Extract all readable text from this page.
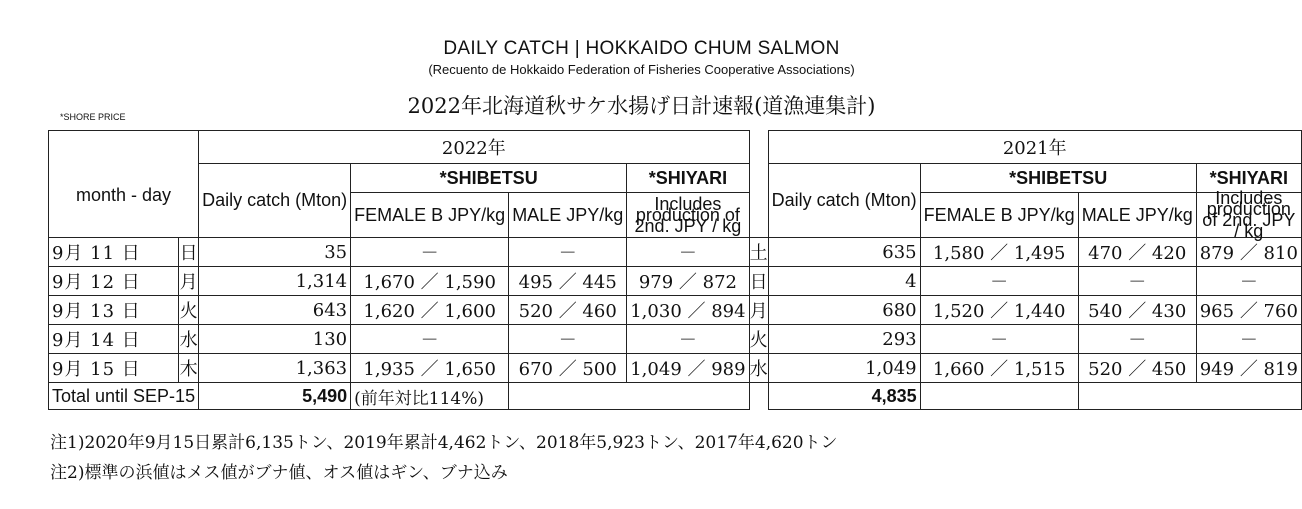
DAILY CATCH | HOKKAIDO CHUM SALMON
(Recuento de Hokkaido Federation of Fisheries Cooperative Associations)
2022年北海道秋サケ水揚げ日計速報(道漁連集計)
*SHORE PRICE
month - day		2022年					2021年			
		Daily catch (Mton)	*SHIBETSU		*SHIYARI		Daily catch (Mton)	*SHIBETSU		*SHIYARI
			FEMALE B JPY/kg	MALE JPY/kg	Includes production of 2nd. JPY / kg			FEMALE B JPY/kg	MALE JPY/kg	Includes production of 2nd. JPY / kg
9月 11 日	日	35	－	－	－	土	635	1,580 ／ 1,495	470 ／ 420	879 ／ 810
9月 12 日	月	1,314	1,670 ／ 1,590	495 ／ 445	979 ／ 872	日	4	－	－	－
9月 13 日	火	643	1,620 ／ 1,600	520 ／ 460	1,030 ／ 894	月	680	1,520 ／ 1,440	540 ／ 430	965 ／ 760
9月 14 日	水	130	－	－	－	火	293	－	－	－
9月 15 日	木	1,363	1,935 ／ 1,650	670 ／ 500	1,049 ／ 989	水	1,049	1,660 ／ 1,515	520 ／ 450	949 ／ 819
Total until SEP-15		5,490	(前年対比114%)				4,835			
注1)2020年9月15日累計6,135トン、2019年累計4,462トン、2018年5,923トン、2017年4,620トン
注2)標準の浜値はメス値がブナ値、オス値はギン、ブナ込み
